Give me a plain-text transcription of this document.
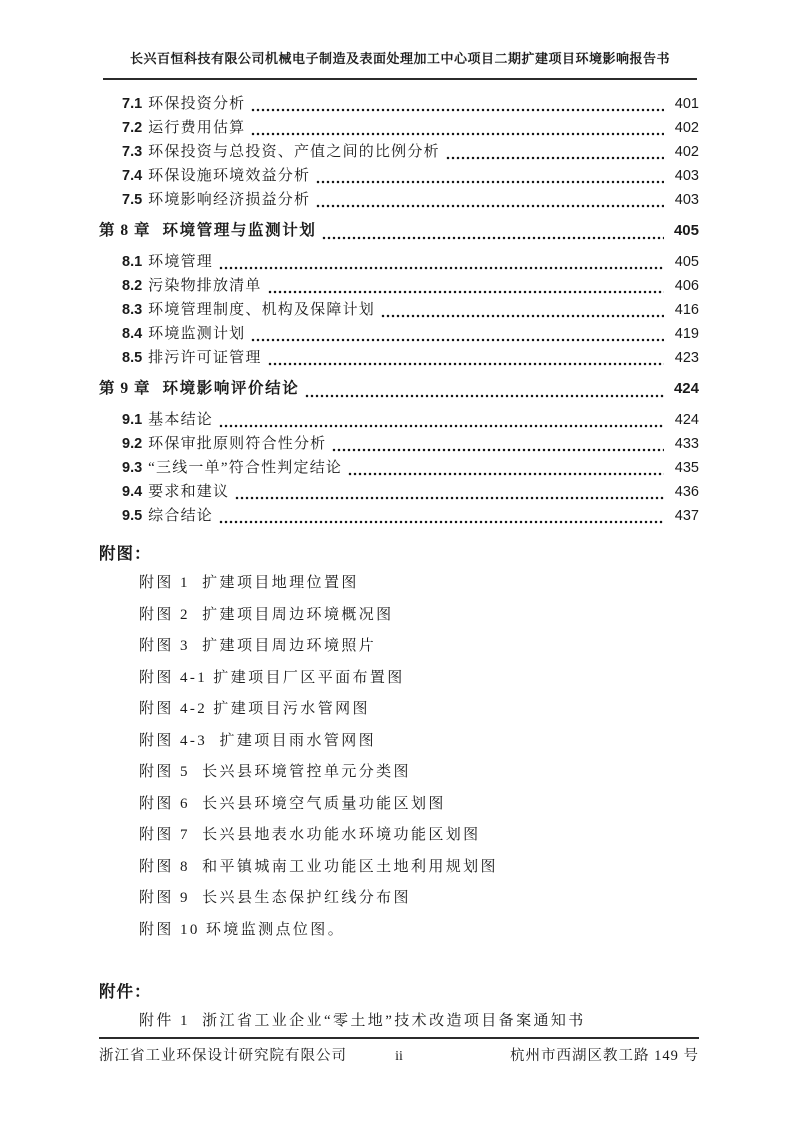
长兴百恒科技有限公司机械电子制造及表面处理加工中心项目二期扩建项目环境影响报告书
7.1 环保投资分析	401
7.2 运行费用估算	402
7.3 环保投资与总投资、产值之间的比例分析	402
7.4 环保设施环境效益分析	403
7.5 环境影响经济损益分析	403
第 8 章 环境管理与监测计划	405
8.1 环境管理	405
8.2 污染物排放清单	406
8.3 环境管理制度、机构及保障计划	416
8.4 环境监测计划	419
8.5 排污许可证管理	423
第 9 章 环境影响评价结论	424
9.1 基本结论	424
9.2 环保审批原则符合性分析	433
9.3 “三线一单”符合性判定结论	435
9.4 要求和建议	436
9.5 综合结论	437
附图：
附图 1  扩建项目地理位置图
附图 2  扩建项目周边环境概况图
附图 3  扩建项目周边环境照片
附图 4-1 扩建项目厂区平面布置图
附图 4-2 扩建项目污水管网图
附图 4-3  扩建项目雨水管网图
附图 5  长兴县环境管控单元分类图
附图 6  长兴县环境空气质量功能区划图
附图 7  长兴县地表水功能水环境功能区划图
附图 8  和平镇城南工业功能区土地利用规划图
附图 9  长兴县生态保护红线分布图
附图 10 环境监测点位图。
附件：
附件 1  浙江省工业企业“零土地”技术改造项目备案通知书
浙江省工业环保设计研究院有限公司	ii	杭州市西湖区教工路 149 号
